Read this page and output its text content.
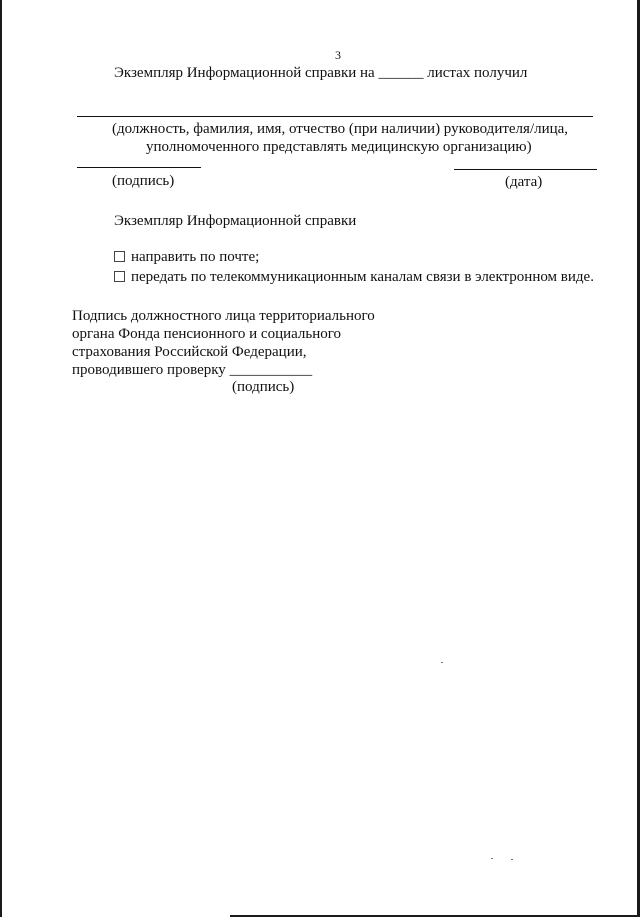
3
Экземпляр Информационной справки на ______ листах получил
(должность, фамилия, имя, отчество (при наличии) руководителя/лица,
уполномоченного представлять медицинскую организацию)
(подпись)	(дата)
Экземпляр Информационной справки
направить по почте;
передать по телекоммуникационным каналам связи в электронном виде.
Подпись должностного лица территориального
органа Фонда пенсионного и социального
страхования Российской Федерации,
проводившего проверку ___________
(подпись)
